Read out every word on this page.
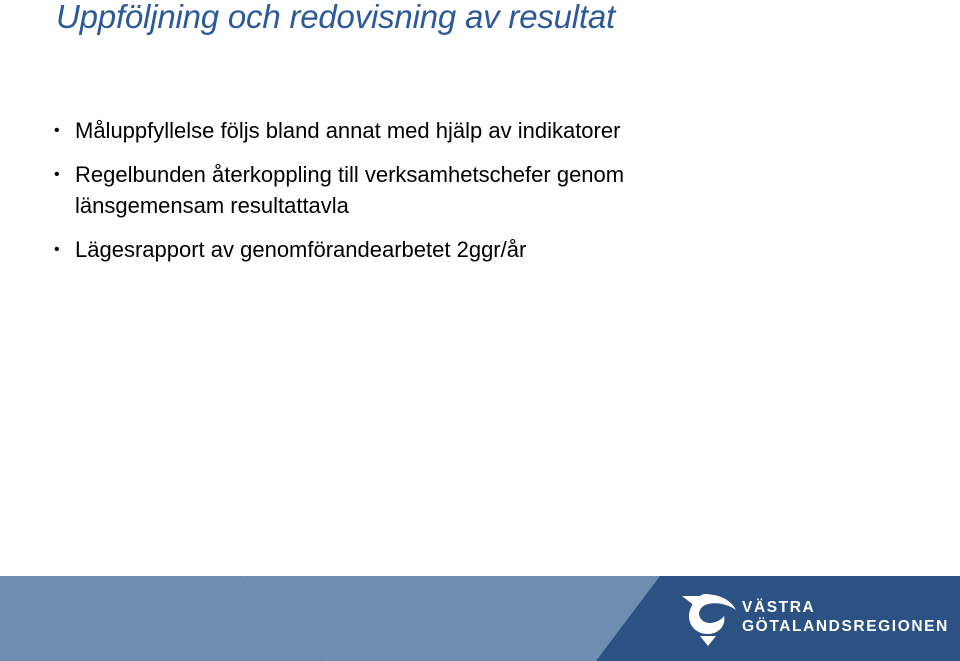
Uppföljning och redovisning av resultat
• Måluppfyllelse följs bland annat med hjälp av indikatorer
• Regelbunden återkoppling till verksamhetschefer genom länsgemensam resultattavla
• Lägesrapport av genomförandearbetet 2ggr/år
VÄSTRA
GÖTALANDSREGIONEN
